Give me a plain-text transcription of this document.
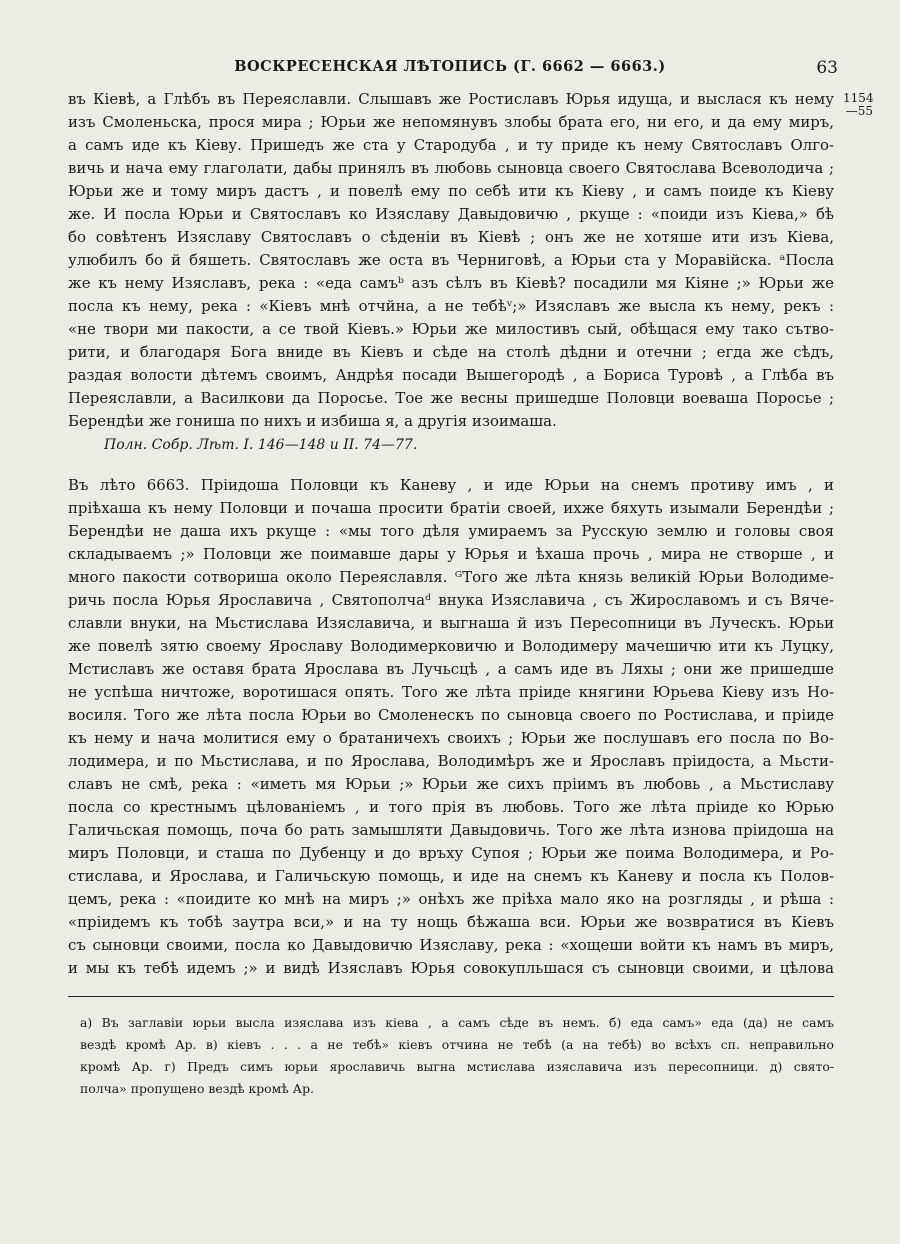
ВОСКРЕСЕНСКАЯ ЛѢТОПИСЬ (Г. 6662 — 6663.)	63
1154
—55
въ Кіевѣ, а Глѣбъ въ Переяславли. Слышавъ же Ростиславъ Юрья идуща, и выслася къ нему
изъ Смоленьска, прося мира ; Юрьи же непомянувъ злобы брата его, ни его, и да ему миръ,
а самъ иде къ Кіеву. Пришедъ же ста у Стародуба , и ту приде къ нему Святославъ Олго-
вичь и нача ему глаголати, дабы принялъ въ любовь сыновца своего Святослава Всеволодича ;
Юрьи же и тому миръ дастъ , и повелѣ ему по себѣ ити къ Кіеву , и самъ поиде къ Кіеву
же. И посла Юрьи и Святославъ ко Изяславу Давыдовичю , ркуще : «поиди изъ Кіева,» бѣ
бо совѣтенъ Изяславу Святославъ о сѣденіи въ Кіевѣ ; онъ же не хотяше ити изъ Кіева,
улюбилъ бо й бяшеть. Святославъ же оста въ Черниговѣ, а Юрьи ста у Моравійска. ᵃПосла
же къ нему Изяславъ, река : «еда самъᵇ азъ сѣлъ въ Кіевѣ? посадили мя Кіяне ;» Юрьи же
посла къ нему, река : «Кіевъ мнѣ отчйна, а не тебѣᵛ;» Изяславъ же высла къ нему, рекъ :
«не твори ми пакости, а се твой Кіевъ.» Юрьи же милостивъ сый, обѣщася ему тако сътво-
рити, и благодаря Бога вниде въ Кіевъ и сѣде на столѣ дѣдни и отечни ; егда же сѣдъ,
раздая волости дѣтемъ своимъ, Андрѣя посади Вышегородѣ , а Бориса Туровѣ , а Глѣба въ
Переяславли, а Василкови да Поросье. Тое же весны пришедше Половци воеваша Поросье ;
Берендѣи же гониша по нихъ и избиша я, а другія изоимаша.
Полн. Собр. Лѣт. I. 146—148 и II. 74—77.
Въ лѣто 6663. Прiидоша Половци къ Каневу , и иде Юрьи на снемъ противу имъ , и
прiѣхаша къ нему Половци и почаша просити братiи своей, ихже бяхуть изымали Берендѣи ;
Берендѣи не даша ихъ ркуще : «мы того дѣля умираемъ за Русскую землю и головы своя
складываемъ ;» Половци же поимавше дары у Юрья и ѣхаша прочь , мира не створше , и
много пакости сотвориша около Переяславля. ᴳТого же лѣта князь великій Юрьи Володиме-
ричь посла Юрья Ярославича , Святополчаᵈ внука Изяславича , съ Жирославомъ и съ Вяче-
славли внуки, на Мьстислава Изяславича, и выгнаша й изъ Пересопници въ Луческъ. Юрьи
же повелѣ зятю своему Ярославу Володимерковичю и Володимеру мачешичю ити къ Луцку,
Мстиславъ же оставя брата Ярослава въ Лучьсцѣ , а самъ иде въ Ляхы ; они же пришедше
не успѣша ничтоже, воротишася опять. Того же лѣта прiиде княгини Юрьева Кіеву изъ Но-
восиля. Того же лѣта посла Юрьи во Смоленескъ по сыновца своего по Ростислава, и прiиде
къ нему и нача молитися ему о братаничехъ своихъ ; Юрьи же послушавъ его посла по Во-
лодимера, и по Мьстислава, и по Ярослава, Володимѣръ же и Ярославъ прiидоста, а Мьсти-
славъ не смѣ, река : «иметь мя Юрьи ;» Юрьи же сихъ прiимъ въ любовь , а Мьстиславу
посла со крестнымъ цѣлованіемъ , и того прiя въ любовь. Того же лѣта прiиде ко Юрью
Галичьская помощь, поча бо рать замышляти Давыдовичь. Того же лѣта изнова прiидоша на
миръ Половци, и сташа по Дубенцу и до връху Супоя ; Юрьи же поима Володимера, и Ро-
стислава, и Ярослава, и Галичьскую помощь, и иде на снемъ къ Каневу и посла къ Полов-
цемъ, река : «поидите ко мнѣ на миръ ;» онѣхъ же прiѣха мало яко на розгляды , и рѣша :
«прiидемъ къ тобѣ заутра вси,» и на ту нощь бѣжаша вси. Юрьи же возвратися въ Кіевъ
съ сыновци своими, посла ко Давыдовичю Изяславу, река : «хощеши войти къ намъ въ миръ,
и мы къ тебѣ идемъ ;» и видѣ Изяславъ Юрья совокупльшася съ сыновци своими, и цѣлова
а) Въ заглавіи юрьи высла изяслава изъ кіева , а самъ сѣде въ немъ. б) еда самъ» еда (да) не самъ
вездѣ кромѣ Ар. в) кіевъ . . . а не тебѣ» кіевъ отчина не тебѣ (а на тебѣ) во всѣхъ сп. неправильно
кромѣ Ар. г) Предъ симъ юрьи ярославичь выгна мстислава изяславича изъ пересопници. д) свято-
полча» пропущено вездѣ кромѣ Ар.
